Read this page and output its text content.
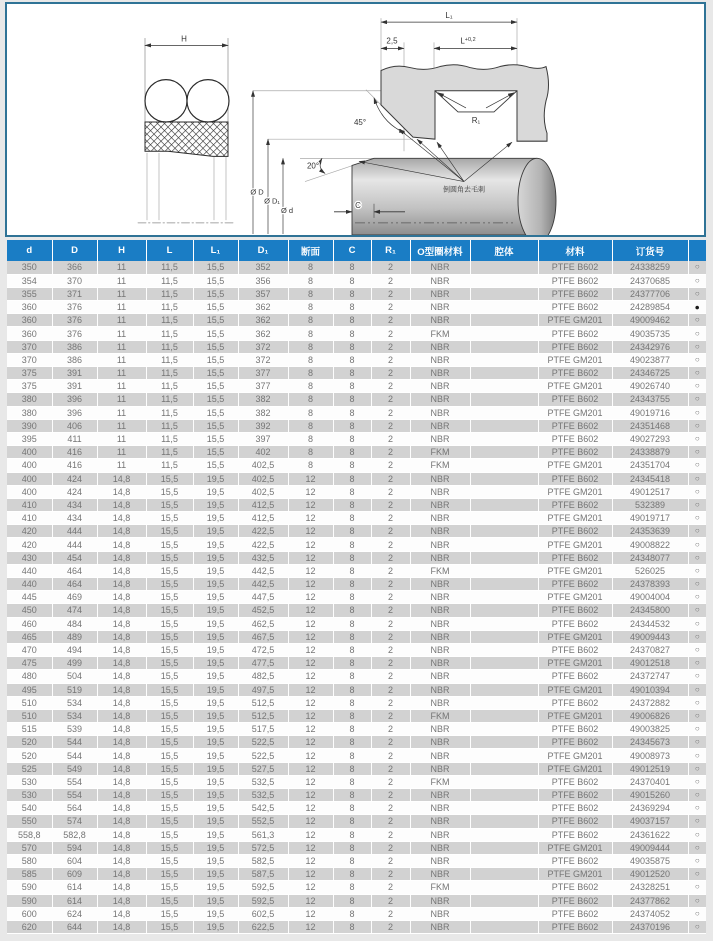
H
R₁
L₁
2,5	$L^{+0,2}$
45°
20°
Ø D
Ø D₁
Ø d
C
倒圆角去毛刺
d	D	H	L	L₁	D₁	断面	C	R₁	O型圈材料	腔体	材料	订货号	
350	366	11	11,5	15,5	352	8	8	2	NBR		PTFE B602	24338259	○
354	370	11	11,5	15,5	356	8	8	2	NBR		PTFE B602	24370685	○
355	371	11	11,5	15,5	357	8	8	2	NBR		PTFE B602	24377706	○
360	376	11	11,5	15,5	362	8	8	2	NBR		PTFE B602	24289854	●
360	376	11	11,5	15,5	362	8	8	2	NBR		PTFE GM201	49009462	○
360	376	11	11,5	15,5	362	8	8	2	FKM		PTFE B602	49035735	○
370	386	11	11,5	15,5	372	8	8	2	NBR		PTFE B602	24342976	○
370	386	11	11,5	15,5	372	8	8	2	NBR		PTFE GM201	49023877	○
375	391	11	11,5	15,5	377	8	8	2	NBR		PTFE B602	24346725	○
375	391	11	11,5	15,5	377	8	8	2	NBR		PTFE GM201	49026740	○
380	396	11	11,5	15,5	382	8	8	2	NBR		PTFE B602	24343755	○
380	396	11	11,5	15,5	382	8	8	2	NBR		PTFE GM201	49019716	○
390	406	11	11,5	15,5	392	8	8	2	NBR		PTFE B602	24351468	○
395	411	11	11,5	15,5	397	8	8	2	NBR		PTFE B602	49027293	○
400	416	11	11,5	15,5	402	8	8	2	FKM		PTFE B602	24338879	○
400	416	11	11,5	15,5	402,5	8	8	2	FKM		PTFE GM201	24351704	○
400	424	14,8	15,5	19,5	402,5	12	8	2	NBR		PTFE B602	24345418	○
400	424	14,8	15,5	19,5	402,5	12	8	2	NBR		PTFE GM201	49012517	○
410	434	14,8	15,5	19,5	412,5	12	8	2	NBR		PTFE B602	532389	○
410	434	14,8	15,5	19,5	412,5	12	8	2	NBR		PTFE GM201	49019717	○
420	444	14,8	15,5	19,5	422,5	12	8	2	NBR		PTFE B602	24353639	○
420	444	14,8	15,5	19,5	422,5	12	8	2	NBR		PTFE GM201	49008822	○
430	454	14,8	15,5	19,5	432,5	12	8	2	NBR		PTFE B602	24348077	○
440	464	14,8	15,5	19,5	442,5	12	8	2	FKM		PTFE GM201	526025	○
440	464	14,8	15,5	19,5	442,5	12	8	2	NBR		PTFE B602	24378393	○
445	469	14,8	15,5	19,5	447,5	12	8	2	NBR		PTFE GM201	49004004	○
450	474	14,8	15,5	19,5	452,5	12	8	2	NBR		PTFE B602	24345800	○
460	484	14,8	15,5	19,5	462,5	12	8	2	NBR		PTFE B602	24344532	○
465	489	14,8	15,5	19,5	467,5	12	8	2	NBR		PTFE GM201	49009443	○
470	494	14,8	15,5	19,5	472,5	12	8	2	NBR		PTFE B602	24370827	○
475	499	14,8	15,5	19,5	477,5	12	8	2	NBR		PTFE GM201	49012518	○
480	504	14,8	15,5	19,5	482,5	12	8	2	NBR		PTFE B602	24372747	○
495	519	14,8	15,5	19,5	497,5	12	8	2	NBR		PTFE GM201	49010394	○
510	534	14,8	15,5	19,5	512,5	12	8	2	NBR		PTFE B602	24372882	○
510	534	14,8	15,5	19,5	512,5	12	8	2	FKM		PTFE GM201	49006826	○
515	539	14,8	15,5	19,5	517,5	12	8	2	NBR		PTFE B602	49003825	○
520	544	14,8	15,5	19,5	522,5	12	8	2	NBR		PTFE B602	24345673	○
520	544	14,8	15,5	19,5	522,5	12	8	2	NBR		PTFE GM201	49008973	○
525	549	14,8	15,5	19,5	527,5	12	8	2	NBR		PTFE GM201	49012519	○
530	554	14,8	15,5	19,5	532,5	12	8	2	FKM		PTFE B602	24370401	○
530	554	14,8	15,5	19,5	532,5	12	8	2	NBR		PTFE B602	49015260	○
540	564	14,8	15,5	19,5	542,5	12	8	2	NBR		PTFE B602	24369294	○
550	574	14,8	15,5	19,5	552,5	12	8	2	NBR		PTFE B602	49037157	○
558,8	582,8	14,8	15,5	19,5	561,3	12	8	2	NBR		PTFE B602	24361622	○
570	594	14,8	15,5	19,5	572,5	12	8	2	NBR		PTFE GM201	49009444	○
580	604	14,8	15,5	19,5	582,5	12	8	2	NBR		PTFE B602	49035875	○
585	609	14,8	15,5	19,5	587,5	12	8	2	NBR		PTFE GM201	49012520	○
590	614	14,8	15,5	19,5	592,5	12	8	2	FKM		PTFE B602	24328251	○
590	614	14,8	15,5	19,5	592,5	12	8	2	NBR		PTFE B602	24377862	○
600	624	14,8	15,5	19,5	602,5	12	8	2	NBR		PTFE B602	24374052	○
620	644	14,8	15,5	19,5	622,5	12	8	2	NBR		PTFE B602	24370196	○
